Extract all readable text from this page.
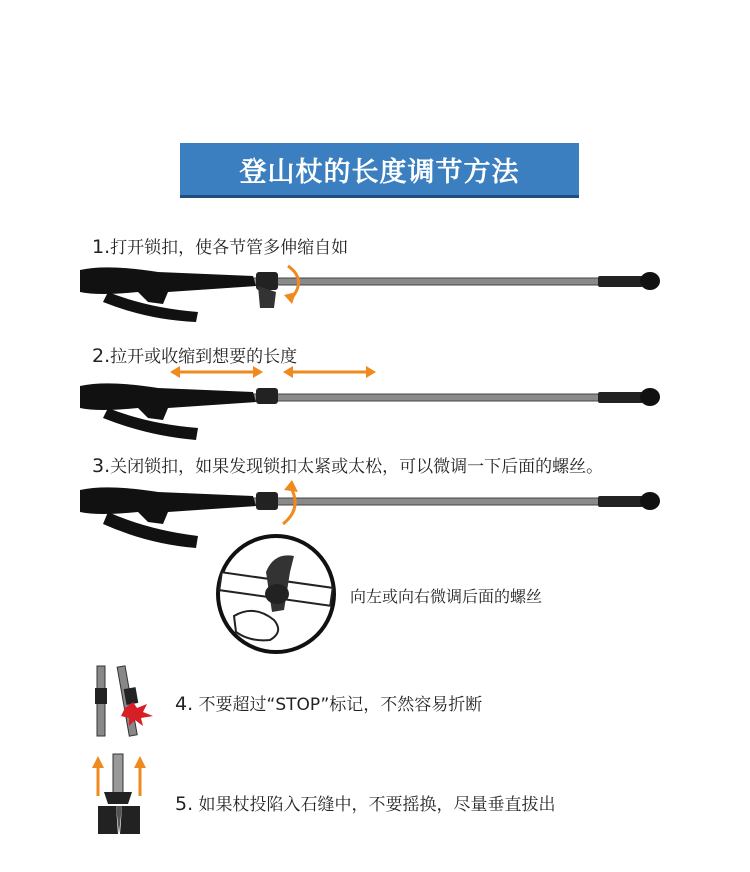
登山杖的长度调节方法
1.打开锁扣，使各节管多伸缩自如
2.拉开或收缩到想要的长度
3.关闭锁扣，如果发现锁扣太紧或太松，可以微调一下后面的螺丝。
向左或向右微调后面的螺丝
4. 不要超过“STOP”标记，不然容易折断
5. 如果杖投陷入石缝中，不要摇换，尽量垂直拔出
